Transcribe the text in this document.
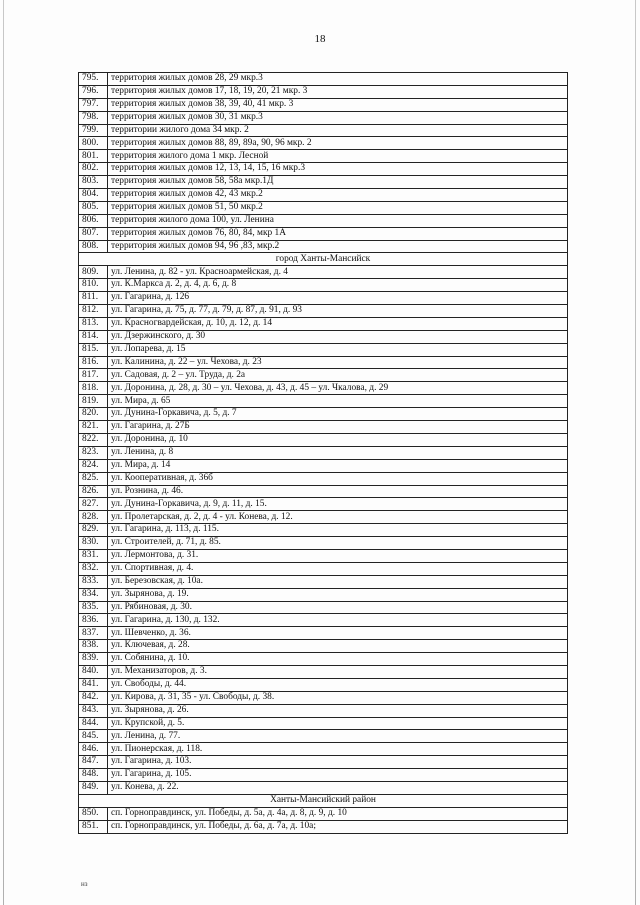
18
795.	территория жилых домов 28, 29 мкр.3
796.	территория жилых домов 17, 18, 19, 20, 21 мкр. 3
797.	территория жилых домов 38, 39, 40, 41 мкр. 3
798.	территория жилых домов 30, 31 мкр.3
799.	территории жилого дома 34 мкр. 2
800.	территория жилых домов 88, 89, 89а, 90, 96 мкр. 2
801.	территория жилого дома 1 мкр. Лесной
802.	территория жилых домов 12, 13, 14, 15, 16 мкр.3
803.	территория жилых домов 58, 58а мкр.1Д
804.	территория жилых домов 42, 43 мкр.2
805.	территория жилых домов 51, 50 мкр.2
806.	территория жилого дома 100, ул. Ленина
807.	территория жилых домов 76, 80, 84, мкр 1А
808.	территория жилых домов 94, 96 ,83, мкр.2
город Ханты-Мансийск	
809.	ул. Ленина, д. 82 - ул. Красноармейская, д. 4
810.	ул. К.Маркса д. 2, д. 4, д. 6, д. 8
811.	ул. Гагарина, д. 126
812.	ул. Гагарина, д. 75, д. 77, д. 79, д. 87, д. 91, д. 93
813.	ул. Красногвардейская, д. 10, д. 12, д. 14
814.	ул. Дзержинского, д. 30
815.	ул. Лопарева, д. 15
816.	ул. Калинина, д. 22 – ул. Чехова, д. 23
817.	ул. Садовая, д. 2 – ул. Труда, д. 2а
818.	ул. Доронина, д. 28, д. 30 – ул. Чехова, д. 43, д. 45 – ул. Чкалова, д. 29
819.	ул. Мира, д. 65
820.	ул. Дунина-Горкавича, д. 5, д. 7
821.	ул. Гагарина, д. 27Б
822.	ул. Доронина, д. 10
823.	ул. Ленина, д. 8
824.	ул. Мира, д. 14
825.	ул. Кооперативная, д. 36б
826.	ул. Рознина, д. 46.
827.	ул. Дунина-Горкавича, д. 9, д. 11, д. 15.
828.	ул. Пролетарская, д. 2, д. 4 - ул. Конева, д. 12.
829.	ул. Гагарина, д. 113, д. 115.
830.	ул. Строителей, д. 71, д. 85.
831.	ул. Лермонтова, д. 31.
832.	ул. Спортивная, д. 4.
833.	ул. Березовская, д. 10а.
834.	ул. Зырянова, д. 19.
835.	ул. Рябиновая, д. 30.
836.	ул. Гагарина, д. 130, д. 132.
837.	ул. Шевченко, д. 36.
838.	ул. Ключевая, д. 28.
839.	ул. Собянина, д. 10.
840.	ул. Механизаторов, д. 3.
841.	ул. Свободы, д. 44.
842.	ул. Кирова, д. 31, 35 - ул. Свободы, д. 38.
843.	ул. Зырянова, д. 26.
844.	ул. Крупской, д. 5.
845.	ул. Ленина, д. 77.
846.	ул. Пионерская, д. 118.
847.	ул. Гагарина, д. 103.
848.	ул. Гагарина, д. 105.
849.	ул. Конева, д. 22.
Ханты-Мансийский район	
850.	сп. Горноправдинск, ул. Победы, д. 5а, д. 4а, д. 8, д. 9, д. 10
851.	сп. Горноправдинск, ул. Победы, д. 6а, д. 7а, д. 10а;
нз
